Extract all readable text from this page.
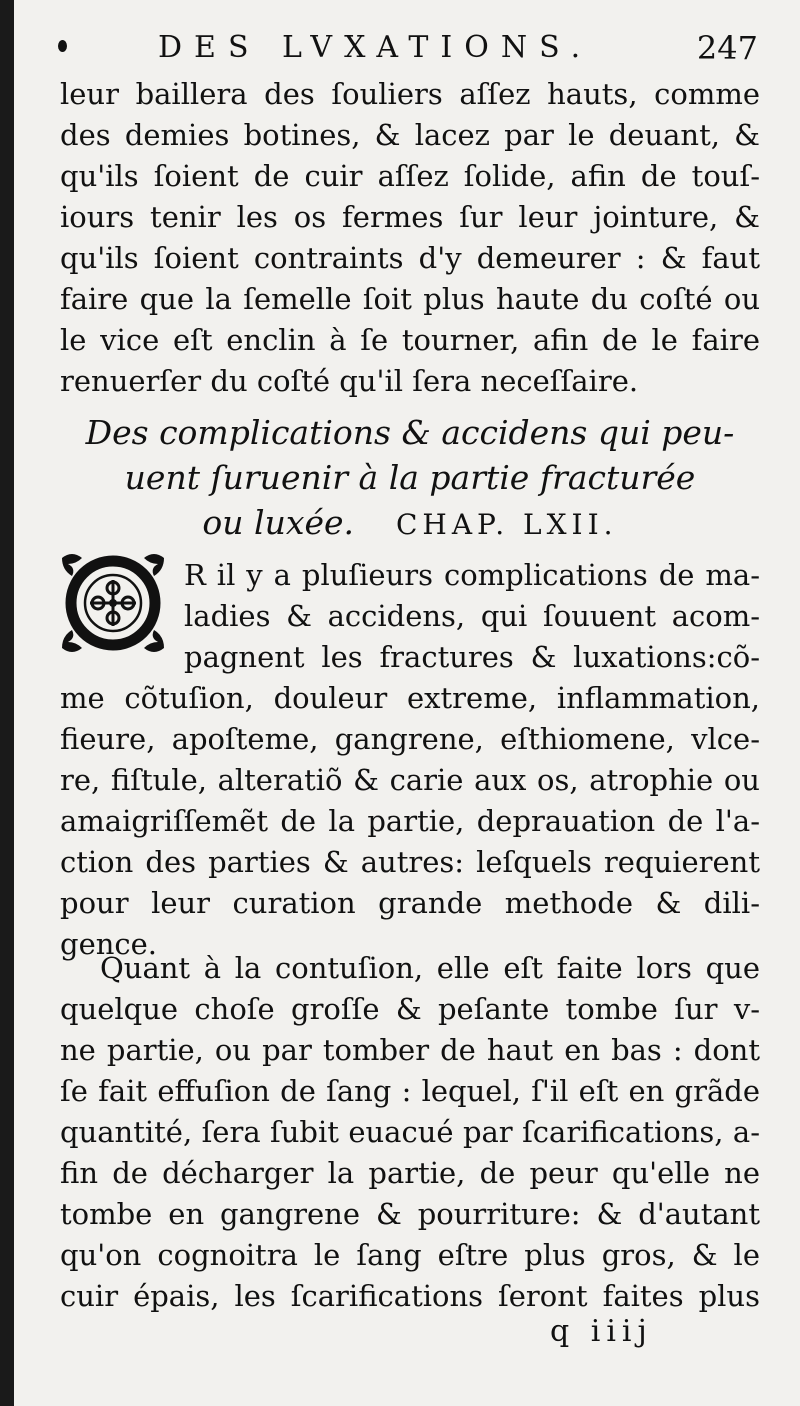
DES LVXATIONS.	247
leur baillera des ſouliers aſſez hauts, comme
des demies botines, & lacez par le deuant, &
qu'ils ſoient de cuir aſſez ſolide, afin de touſ-
iours tenir les os fermes ſur leur jointure, &
qu'ils ſoient contraints d'y demeurer : & faut
faire que la ſemelle ſoit plus haute du coſté ou
le vice eſt enclin à ſe tourner, afin de le faire
renuerſer du coſté qu'il ſera neceſſaire.
Des complications & accidens qui peu-
uent ſuruenir à la partie fracturée
ou luxée. CHAP. LXII.
R il y a pluſieurs complications de ma-
ladies & accidens, qui ſouuent acom-
pagnent les fractures & luxations:cõ-
me cõtuſion, douleur extreme, inflammation,
fieure, apoſteme, gangrene, eſthiomene, vlce-
re, fiſtule, alteratiõ & carie aux os, atrophie ou
amaigriſſemẽt de la partie, deprauation de l'a-
ction des parties & autres: leſquels requierent
pour leur curation grande methode & dili-
gence.
Quant à la contuſion, elle eſt faite lors que
quelque choſe groſſe & peſante tombe ſur v-
ne partie, ou par tomber de haut en bas : dont
ſe fait effuſion de ſang : lequel, ſ'il eſt en grãde
quantité, ſera ſubit euacué par ſcarifications, a-
fin de décharger la partie, de peur qu'elle ne
tombe en gangrene & pourriture: & d'autant
qu'on cognoitra le ſang eſtre plus gros, & le
cuir épais, les ſcarifications ſeront faites plus
q iiij
